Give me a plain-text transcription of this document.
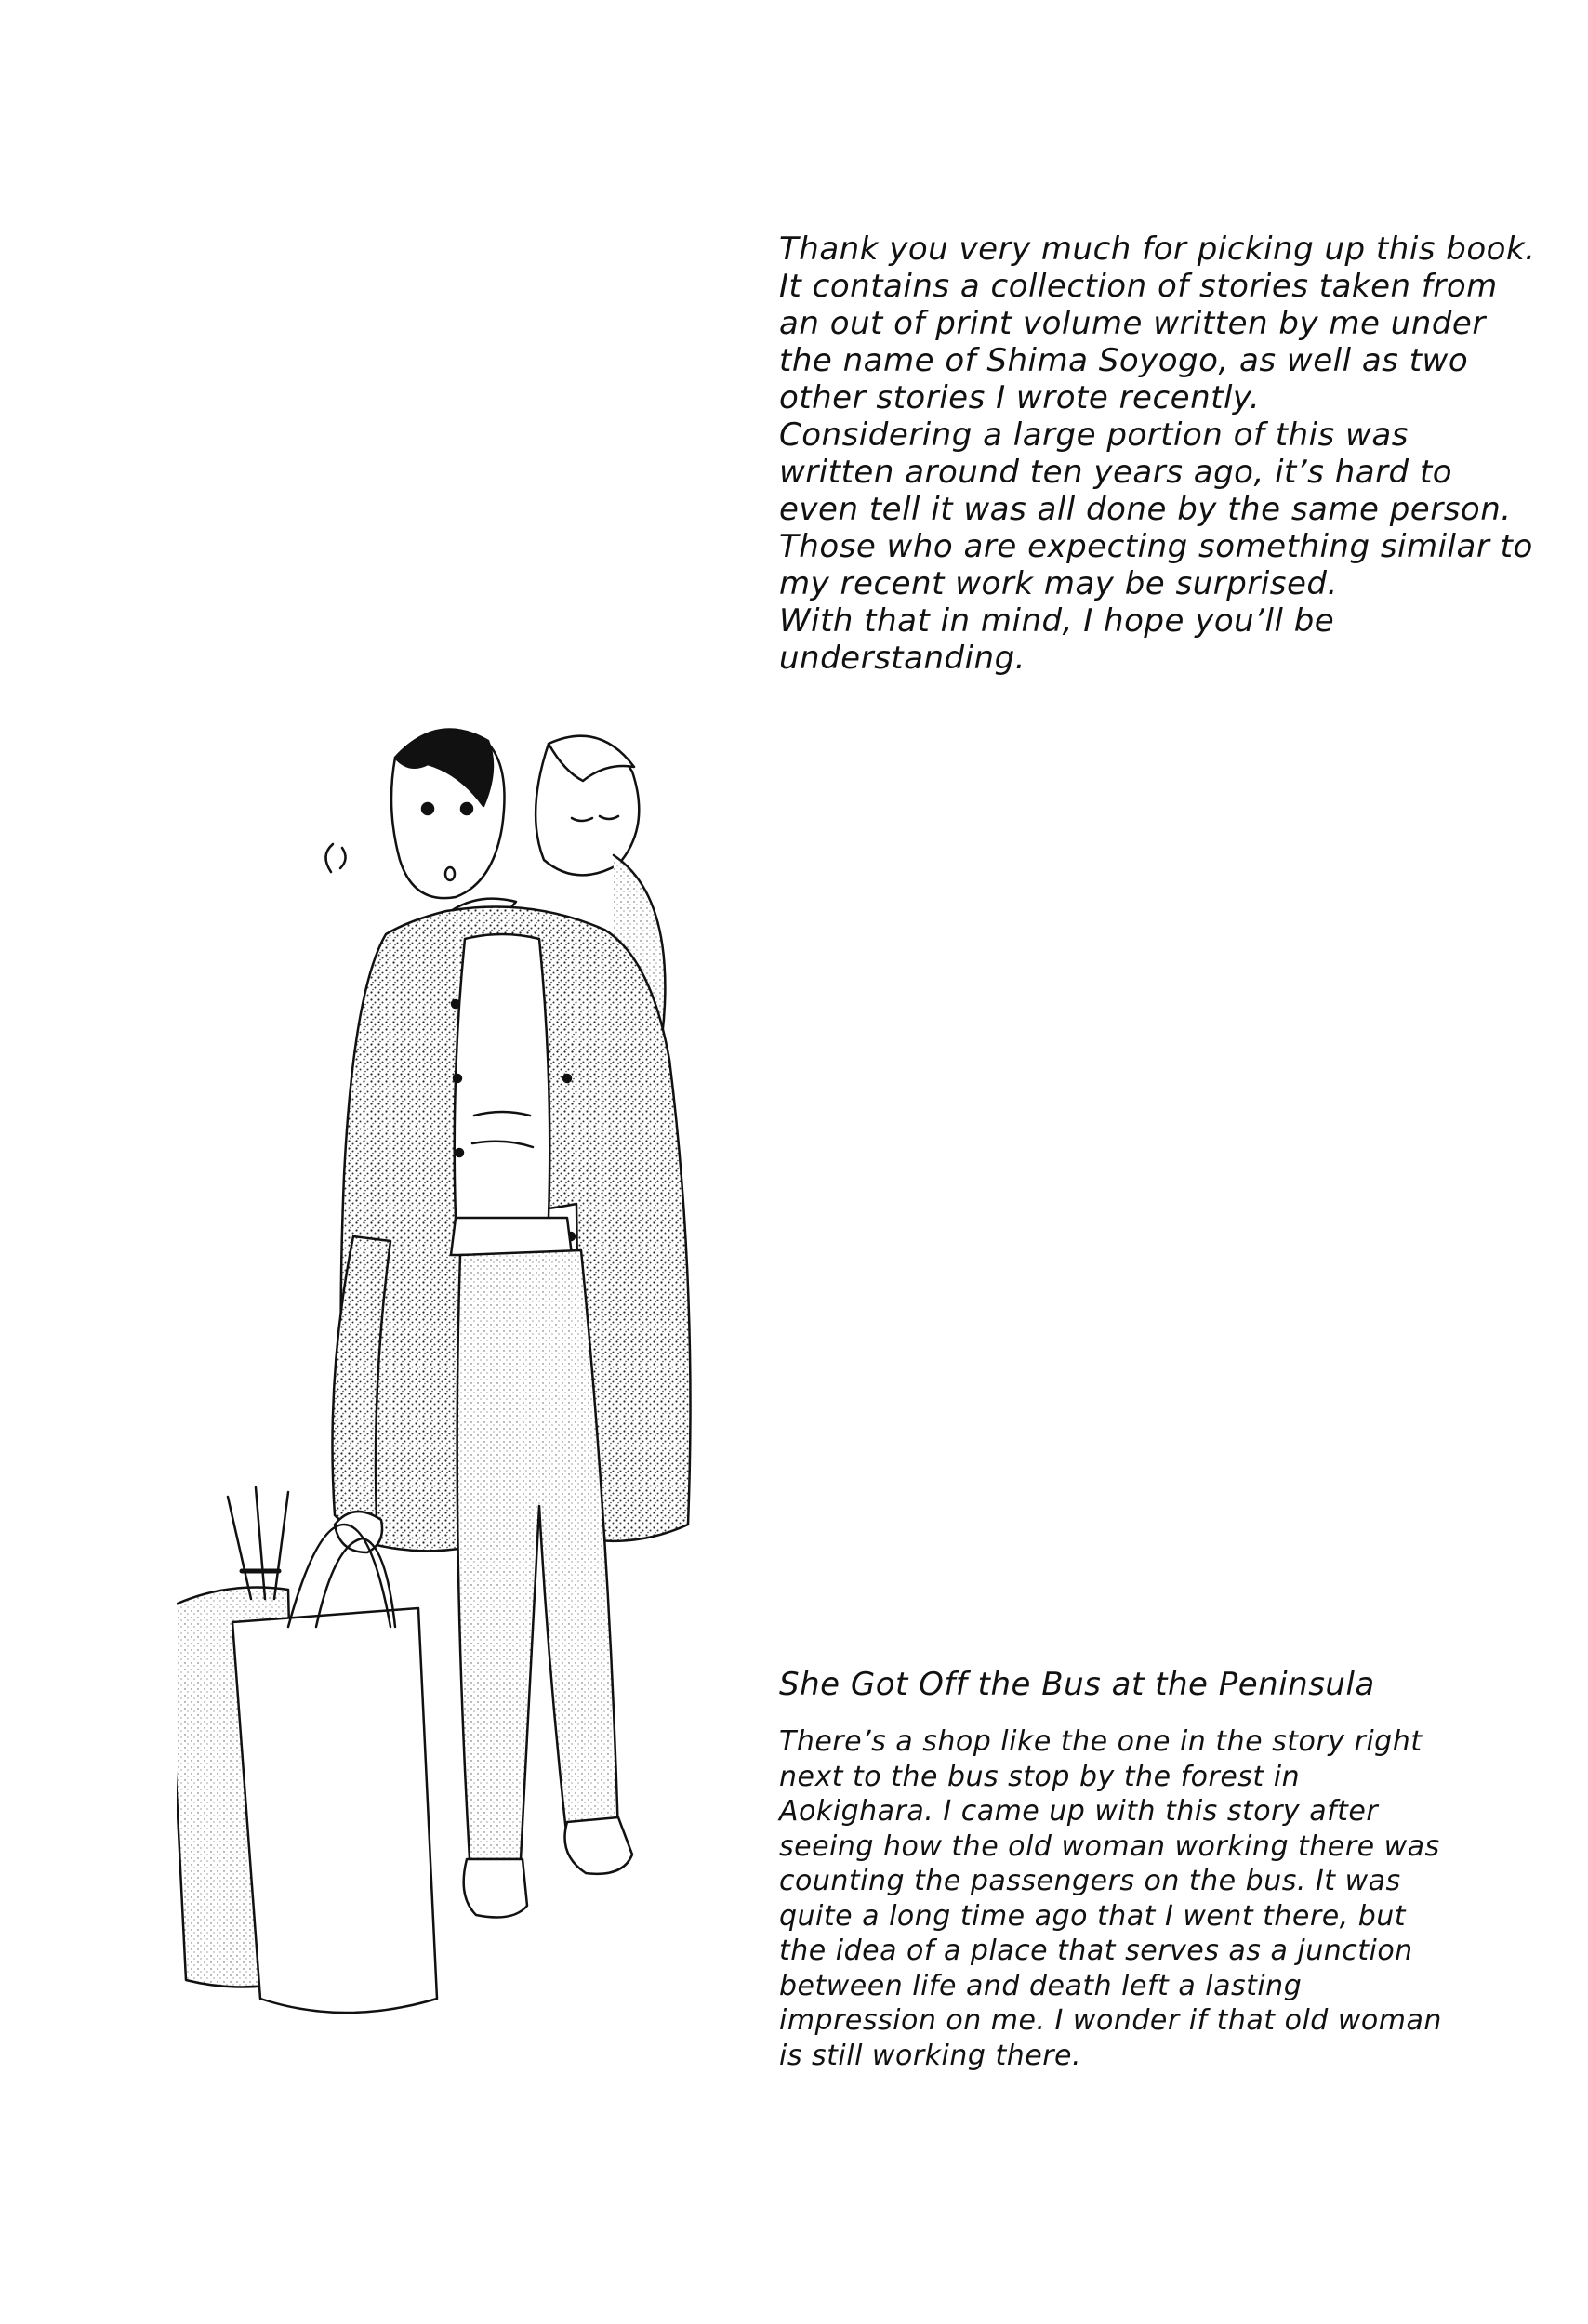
Thank you very much for picking up this book.
It contains a collection of stories taken from
an out of print volume written by me under
the name of Shima Soyogo, as well as two
other stories I wrote recently.
Considering a large portion of this was
written around ten years ago, it’s hard to
even tell it was all done by the same person.
Those who are expecting something similar to
my recent work may be surprised.
With that in mind, I hope you’ll be
understanding.
She Got Off the Bus at the Peninsula
There’s a shop like the one in the story right
next to the bus stop by the forest in
Aokighara. I came up with this story after
seeing how the old woman working there was
counting the passengers on the bus. It was
quite a long time ago that I went there, but
the idea of a place that serves as a junction
between life and death left a lasting
impression on me. I wonder if that old woman
is still working there.
